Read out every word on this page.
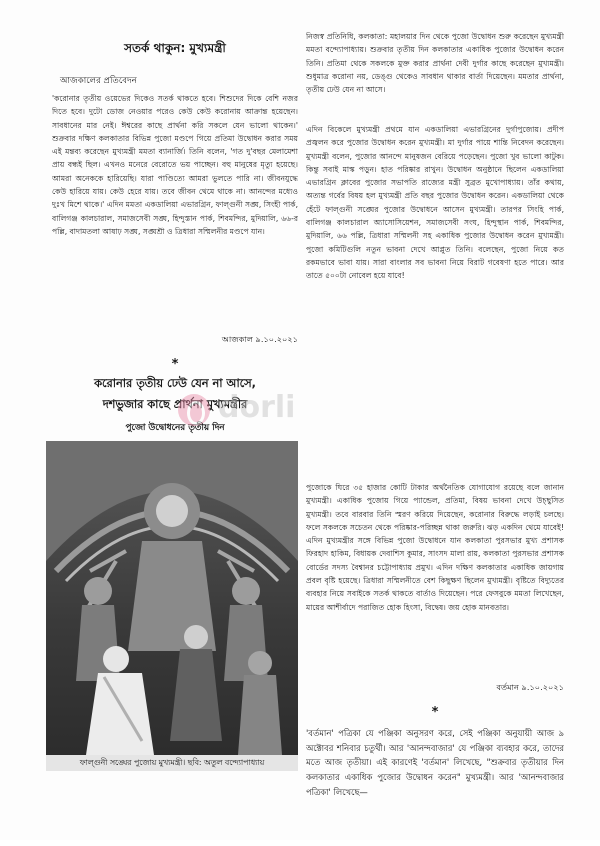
সতর্ক থাকুন: মুখ্যমন্ত্রী
আজকালের প্রতিবেদন

'করোনার তৃতীয় ওয়েভের দিকেও সতর্ক থাকতে হবে। শিশুদের দিকে বেশি নজর দিতে হবে। দুটো ডোজ নেওয়ার পরেও কেউ কেউ করোনায় আক্রান্ত হয়েছেন। সাবধানের মার নেই। ঈশ্বরের কাছে প্রার্থনা করি সকলে যেন ভালো থাকেন।' শুক্রবার দক্ষিণ কলকাতার বিভিন্ন পুজো মণ্ডপে গিয়ে প্রতিমা উদ্বোধন করার সময় এই মন্তব্য করেছেন মুখ্যমন্ত্রী মমতা ব্যানার্জি। তিনি বলেন, 'গত দু'বছর মেলামেশা প্রায় বন্ধই ছিল। এখনও মনেরে বেরোতে ভয় পাচ্ছেন। বহু মানুষের মৃত্যু হয়েছে। আমরা অনেককে হারিয়েছি। যারা পাণ্ডিত্যে আমরা ভুলতে পারি না। জীবনযুদ্ধে কেউ হারিয়ে যায়। কেউ হেরে যায়। তবে জীবন থেমে থাকে না। আনন্দের মধ্যেও দুঃখ মিশে থাকে।' এদিন মমতা একডালিয়া এভারগ্রিন, ফাল্গুনী সঙ্ঘ, সিংহী পার্ক, বালিগঞ্জ কালচারাল, সমাজসেবী সঙ্ঘ, হিন্দুস্তান পার্ক, শিবমন্দির, মুদিয়ালি, ৬৬-র পল্লি, বাদামতলা আষাঢ় সঙ্ঘ, সঙ্ঘশ্রী ও ত্রিধারা সম্মিলনীর মণ্ডপে যান।

আজকাল ৯.১০.২০২১
*
করোনার তৃতীয় ঢেউ যেন না আসে,
দশভুজার কাছে প্রার্থনা মুখ্যমন্ত্রীর
পুজো উদ্বোধনের তৃতীয় দিন
ফাল্গুনী সঙ্ঘের পুজোয় মুখ্যমন্ত্রী। ছবি: অতুল বন্দ্যোপাধ্যায়

নিজস্ব প্রতিনিধি, কলকাতা: মহালয়ার দিন থেকে পুজো উদ্বোধন শুরু করেছেন মুখ্যমন্ত্রী মমতা বন্দ্যোপাধ্যায়। শুক্রবার তৃতীয় দিন কলকাতার একাধিক পুজোর উদ্বোধন করেন তিনি। প্রতিমা থেকে সকলকে মুক্ত করার প্রার্থনা দেবী দুর্গার কাছে করেছেন মুখ্যমন্ত্রী। শুধুমাত্র করোনা নয়, ডেঙ্গু থেকেও সাবধান থাকার বার্তা দিয়েছেন। মমতার প্রার্থনা, তৃতীয় ঢেউ যেন না আসে।

এদিন বিকেলে মুখ্যমন্ত্রী প্রথমে যান একডালিয়া এভারগ্রিনের দুর্গাপুজোয়। প্রদীপ প্রজ্বলন করে পুজোর উদ্বোধন করেন মুখ্যমন্ত্রী। মা দুর্গার পায়ে শান্তি নিবেদন করেছেন। মুখ্যমন্ত্রী বলেন, পুজোর আনন্দে মানুষজন বেরিয়ে পড়েছেন। পুজো খুব ভালো কাটুক। কিন্তু সবাই মাস্ক পড়ুন। হাত পরিষ্কার রাখুন। উদ্বোধন অনুষ্ঠানে ছিলেন একডালিয়া এভারগ্রিন ক্লাবের পুজোর সভাপতি রাজ্যের মন্ত্রী সুব্রত মুখোপাধ্যায়। তাঁর কথায়, অত্যন্ত গর্বের বিষয় হল মুখ্যমন্ত্রী প্রতি বছর পুজোর উদ্বোধন করেন। একডালিয়া থেকে হেঁটে ফাল্গুনী সঙ্ঘের পুজোর উদ্বোধনে আসেন মুখ্যমন্ত্রী। তারপর সিংহি পার্ক, বালিগঞ্জ কালচারাল অ্যাসোসিয়েশন, সমাজসেবী সংঘ, হিন্দুস্থান পার্ক, শিবমন্দির, মুদিয়ালি, ৬৬ পল্লি, ত্রিধারা সম্মিলনী সহ একাধিক পুজোর উদ্বোধন করেন মুখ্যমন্ত্রী। পুজো কমিটিগুলি নতুন ভাবনা দেখে আপ্লুত তিনি। বলেছেন, পুজো নিয়ে কত রকমভাবে ভাবা যায়। সারা বাংলার সব ভাবনা নিয়ে বিরাট গবেষণা হতে পারে। আর তাতে ৫০০টা নোবেল হয়ে যাবে!

পুজোকে ঘিরে ৩৫ হাজার কোটি টাকার অর্থনৈতিক যোগাযোগ রয়েছে বলে জানান মুখ্যমন্ত্রী। একাধিক পুজোয় গিয়ে প্যান্ডেল, প্রতিমা, বিষয় ভাবনা দেখে উচ্ছ্বসিত মুখ্যমন্ত্রী। তবে বারবার তিনি স্মরণ করিয়ে দিয়েছেন, করোনার বিরুদ্ধে লড়াই চলছে। ফলে সকলকে সচেতন থেকে পরিষ্কার-পরিচ্ছন্ন থাকা জরুরি। ঝড় একদিন থেমে যাবেই! এদিন মুখ্যমন্ত্রীর সঙ্গে বিভিন্ন পুজো উদ্বোধনে যান কলকাতা পুরসভার মুখ্য প্রশাসক ফিরহাদ হাকিম, বিধায়ক দেবাশিস কুমার, সাংসদ মালা রায়, কলকাতা পুরসভার প্রশাসক বোর্ডের সদস্য বৈশ্বানর চট্টোপাধ্যায় প্রমুখ। এদিন দক্ষিণ কলকাতার একাধিক জায়গায় প্রবল বৃষ্টি হয়েছে। ত্রিধারা সম্মিলনীতে বেশ কিছুক্ষণ ছিলেন মুখ্যমন্ত্রী। বৃষ্টিতে বিদ্যুতের ব্যবহার নিয়ে সবাইকে সতর্ক থাকতে বার্তাও দিয়েছেন। পরে ফেসবুকে মমতা লিখেছেন, মায়ের আশীর্বাদে পরাজিত হোক হিংসা, বিদ্বেষ। জয় হোক মানবতার।

বর্তমান ৯.১০.২০২১
*

'বর্তমান' পত্রিকা যে পঞ্জিকা অনুসরণ করে, সেই পঞ্জিকা অনুযায়ী আজ ৯ অক্টোবর শনিবার চতুর্থী। আর 'আনন্দবাজার' যে পঞ্জিকা ব্যবহার করে, তাদের মতে আজ তৃতীয়া। এই কারণেই 'বর্তমান' লিখেছে, "শুক্রবার তৃতীয়ার দিন কলকাতার একাধিক পুজোর উদ্বোধন করেন" মুখ্যমন্ত্রী। আর 'আনন্দবাজার পত্রিকা' লিখেছে—

dorli
